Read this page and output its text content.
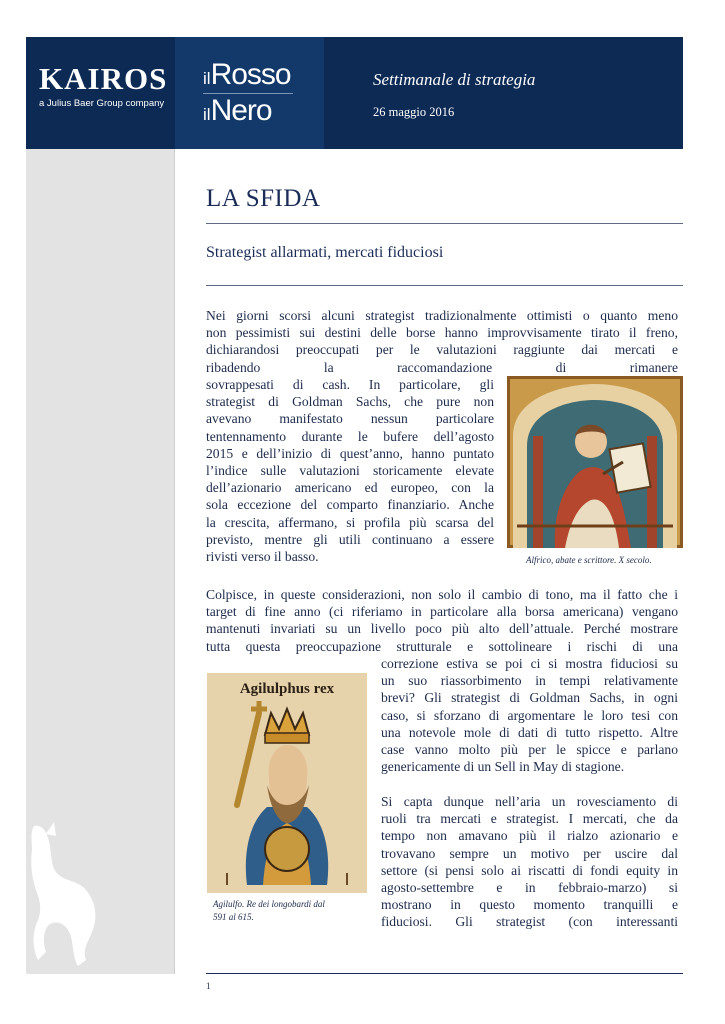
KAIROS
a Julius Baer Group company
ilRosso
ilNero
Settimanale di strategia
26 maggio 2016
LA SFIDA
Strategist allarmati, mercati fiduciosi
Nei giorni scorsi alcuni strategist tradizionalmente ottimisti o quanto meno
non pessimisti sui destini delle borse hanno improvvisamente tirato il freno,
dichiarandosi preoccupati per le valutazioni raggiunte dai mercati e
ribadendo la raccomandazione di rimanere
sovrappesati di cash. In particolare, gli
strategist di Goldman Sachs, che pure non
avevano manifestato nessun particolare
tentennamento durante le bufere dell’agosto
2015 e dell’inizio di quest’anno, hanno puntato
l’indice sulle valutazioni storicamente elevate
dell’azionario americano ed europeo, con la
sola eccezione del comparto finanziario. Anche
la crescita, affermano, si profila più scarsa del
previsto, mentre gli utili continuano a essere
rivisti verso il basso.	Alfrico, abate e scrittore. X secolo.
Colpisce, in queste considerazioni, non solo il cambio di tono, ma il fatto che i
target di fine anno (ci riferiamo in particolare alla borsa americana) vengano
mantenuti invariati su un livello poco più alto dell’attuale. Perché mostrare
tutta questa preoccupazione strutturale e sottolineare i rischi di una
correzione estiva se poi ci si mostra fiduciosi su
un suo riassorbimento in tempi relativamente
brevi? Gli strategist di Goldman Sachs, in ogni
caso, si sforzano di argomentare le loro tesi con
una notevole mole di dati di tutto rispetto. Altre
case vanno molto più per le spicce e parlano
genericamente di un Sell in May di stagione.
Agilulphus rex
Agilulfo. Re dei longobardi dal
591 al 615.
Si capta dunque nell’aria un rovesciamento di
ruoli tra mercati e strategist. I mercati, che da
tempo non amavano più il rialzo azionario e
trovavano sempre un motivo per uscire dal
settore (si pensi solo ai riscatti di fondi equity in
agosto-settembre e in febbraio-marzo) si
mostrano in questo momento tranquilli e
fiduciosi. Gli strategist (con interessanti
1
